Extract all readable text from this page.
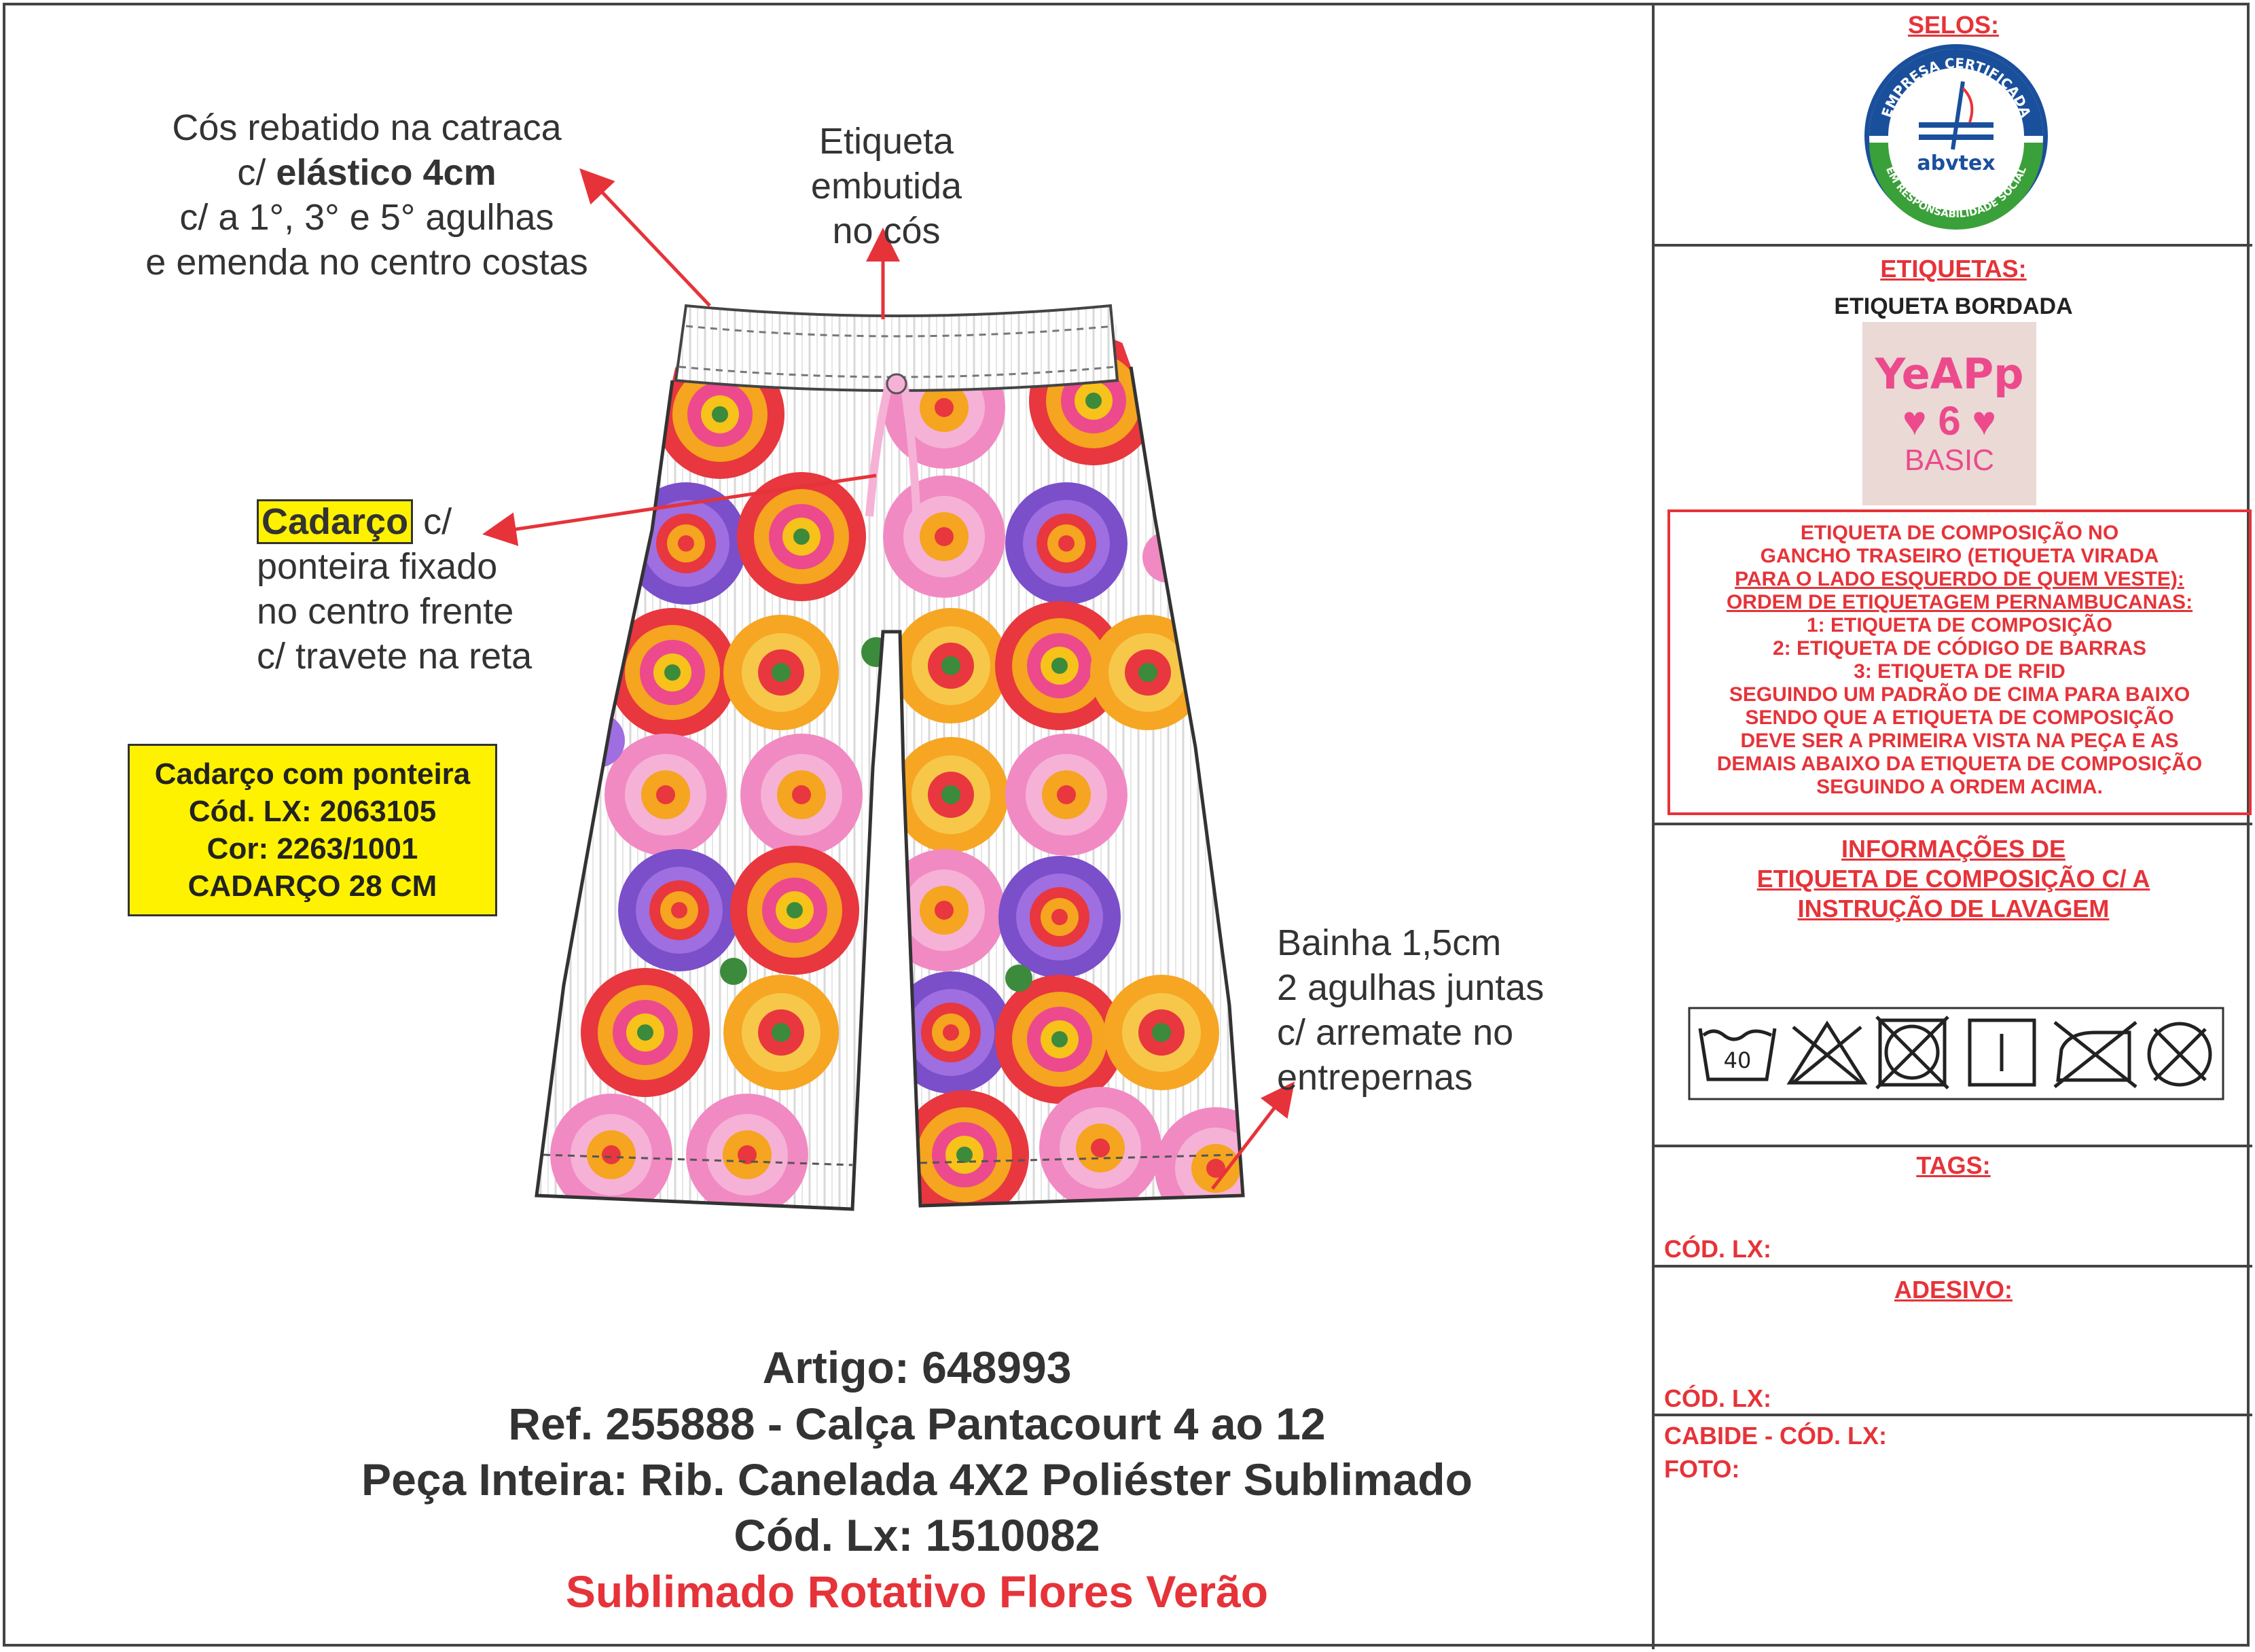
Cós rebatido na catraca
c/ elástico 4cm
c/ a 1°, 3° e 5° agulhas
e emenda no centro costas
Etiqueta
embutida
no cós
Cadarço c/
ponteira fixado
no centro frente
c/ travete na reta
Bainha 1,5cm
2 agulhas juntas
c/ arremate no
entrepernas
Cadarço com ponteira
Cód. LX: 2063105
Cor: 2263/1001
CADARÇO 28 CM
Artigo: 648993
Ref. 255888 - Calça Pantacourt 4 ao 12
Peça Inteira: Rib. Canelada 4X2 Poliéster Sublimado
Cód. Lx: 1510082
Sublimado Rotativo Flores Verão
SELOS:
EMPRESA CERTIFICADA
EM RESPONSABILIDADE SOCIAL
abvtex
ETIQUETAS:
ETIQUETA BORDADA
YeAPp
♥ 6 ♥
BASIC
ETIQUETA DE COMPOSIÇÃO NO
GANCHO TRASEIRO (ETIQUETA VIRADA
PARA O LADO ESQUERDO DE QUEM VESTE):
ORDEM DE ETIQUETAGEM PERNAMBUCANAS:
1: ETIQUETA DE COMPOSIÇÃO
2: ETIQUETA DE CÓDIGO DE BARRAS
3: ETIQUETA DE RFID
SEGUINDO UM PADRÃO DE CIMA PARA BAIXO
SENDO QUE A ETIQUETA DE COMPOSIÇÃO
DEVE SER A PRIMEIRA VISTA NA PEÇA E AS
DEMAIS ABAIXO DA ETIQUETA DE COMPOSIÇÃO
SEGUINDO A ORDEM ACIMA.
INFORMAÇÕES DE
ETIQUETA DE COMPOSIÇÃO C/ A
INSTRUÇÃO DE LAVAGEM
40
TAGS:
CÓD. LX:
ADESIVO:
CÓD. LX:
CABIDE - CÓD. LX:
FOTO:
